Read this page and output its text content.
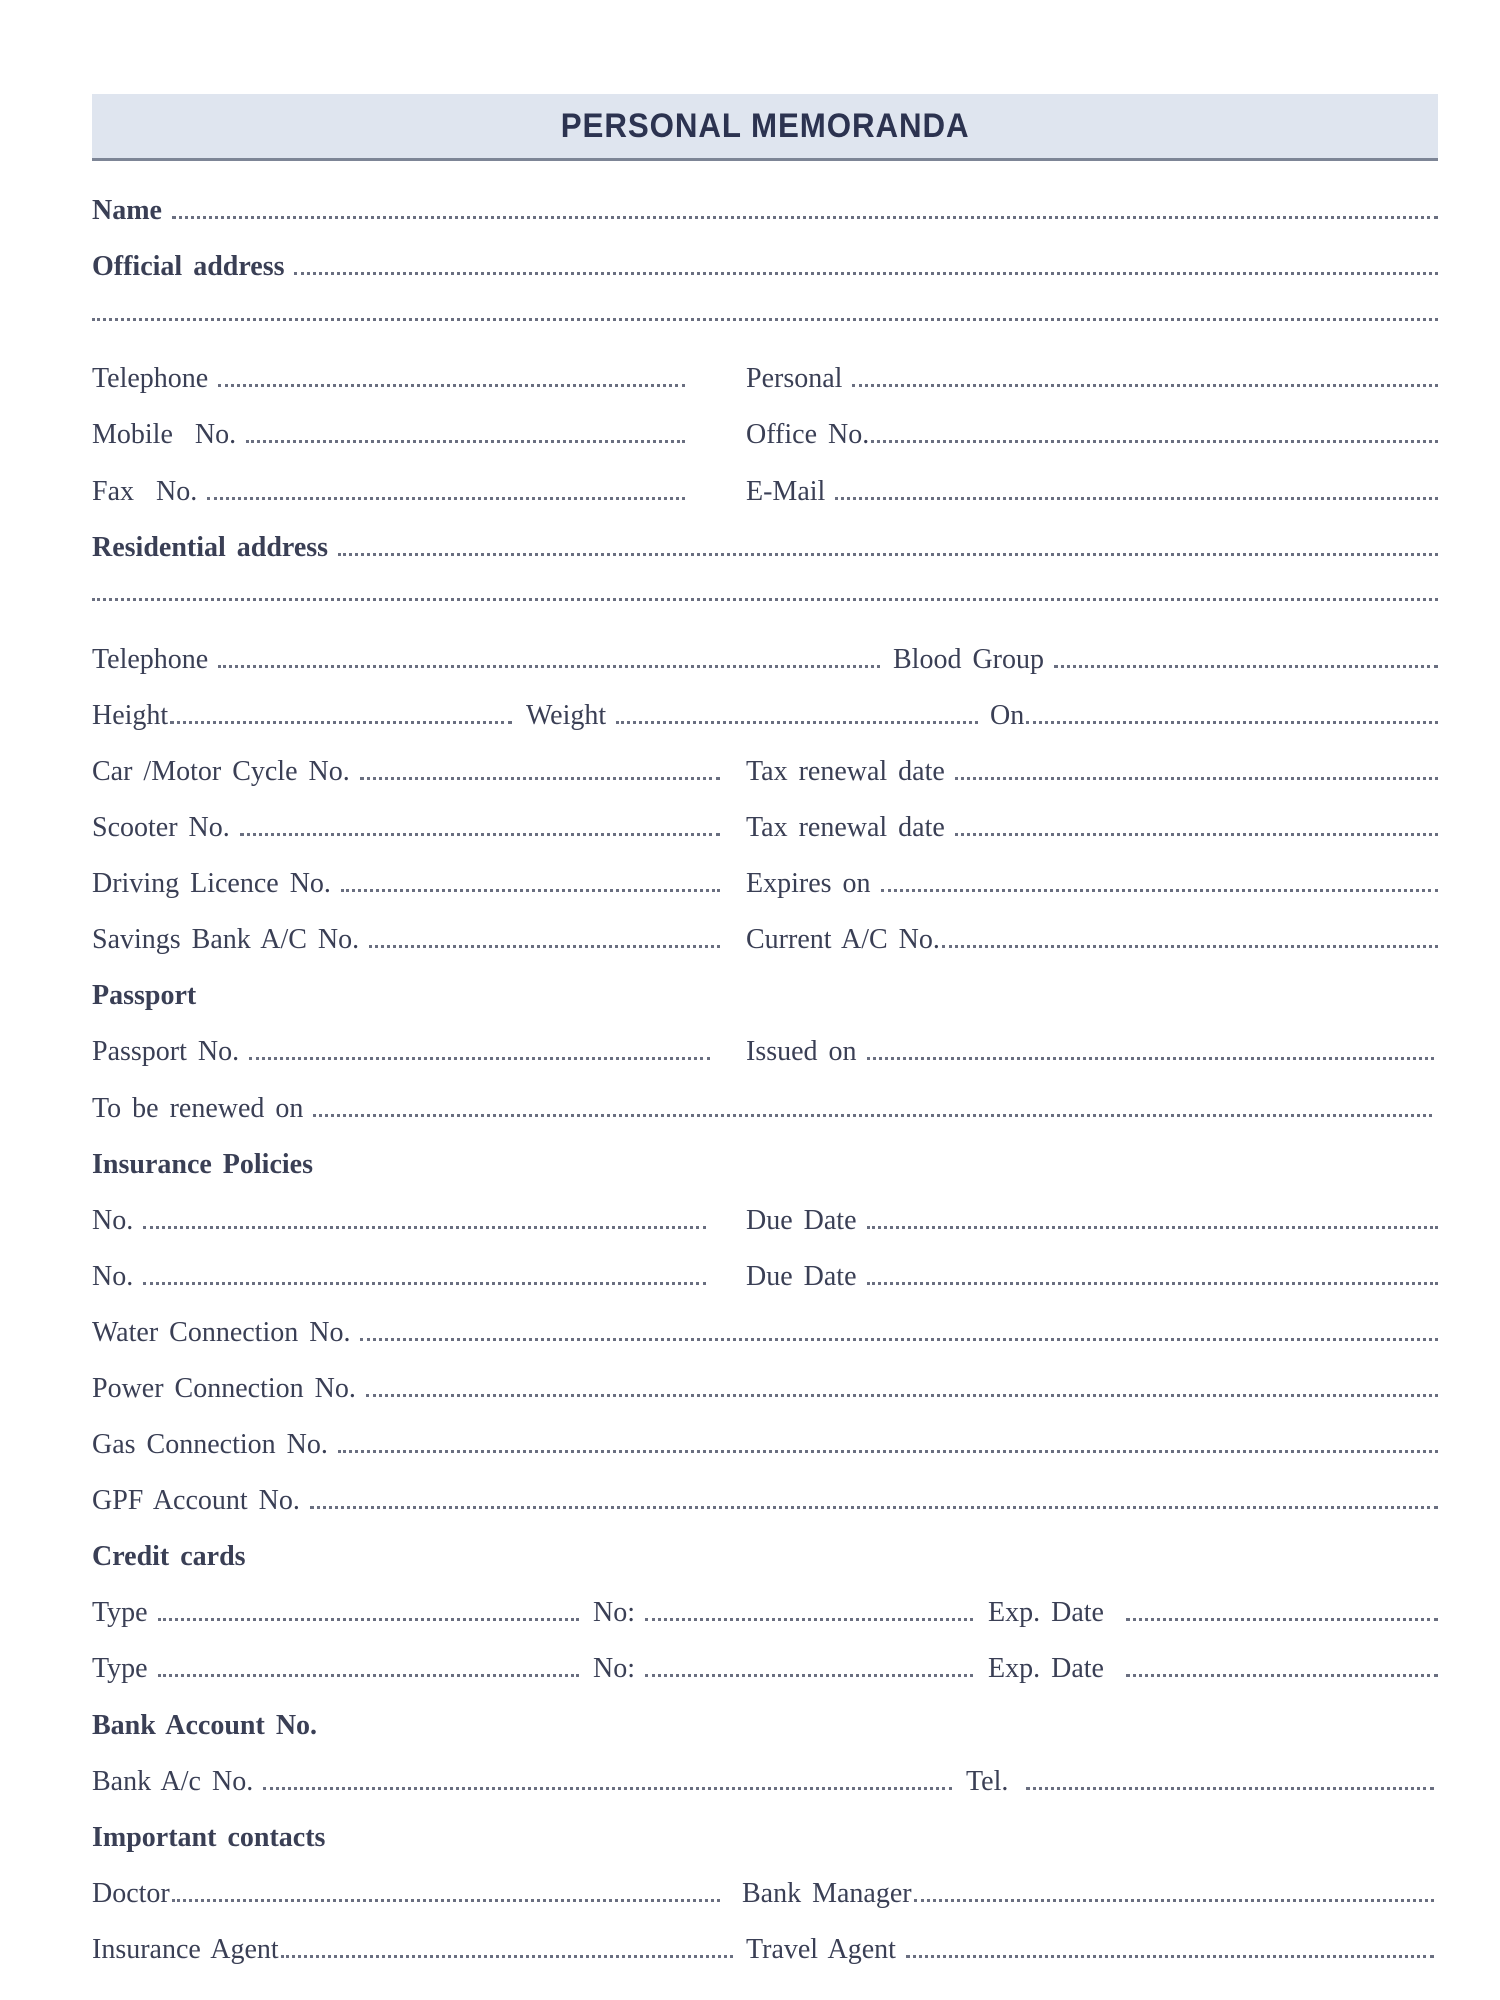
PERSONAL MEMORANDA
Name
Official address
Telephone	Personal
Mobile  No.	Office No.
Fax  No.	E-Mail
Residential address
Telephone	Blood Group
Height	Weight	On
Car /Motor Cycle No.	Tax renewal date
Scooter No.	Tax renewal date
Driving Licence No.	Expires on
Savings Bank A/C No.	Current A/C No.
Passport
Passport No.	Issued on
To be renewed on
Insurance Policies
No.	Due Date
No.	Due Date
Water Connection No.
Power Connection No.
Gas Connection No.
GPF Account No.
Credit cards
Type	No:	Exp. Date
Type	No:	Exp. Date
Bank Account No.
Bank A/c No.	Tel.
Important contacts
Doctor	Bank Manager
Insurance Agent	Travel Agent
